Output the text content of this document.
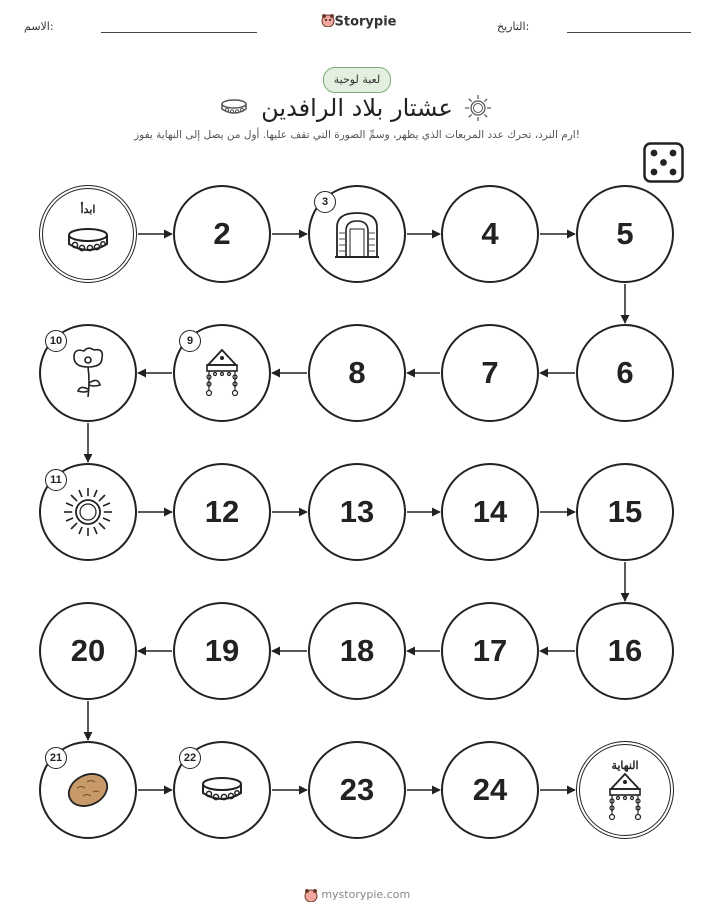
الاسم:	Storypie	التاريخ:
لعبة لوحية
عشتار بلاد الرافدين
ارم النرد، تحرك عدد المربعات الذي يظهر، وسمِّ الصورة التي تقف عليها. أول من يصل إلى النهاية يفوز!
ابدأ
2
3
4	5
6
7
8
9
10
11
12	13	14	15
16
17
18
19
20
21	22
23	24
النهاية
mystorypie.com
